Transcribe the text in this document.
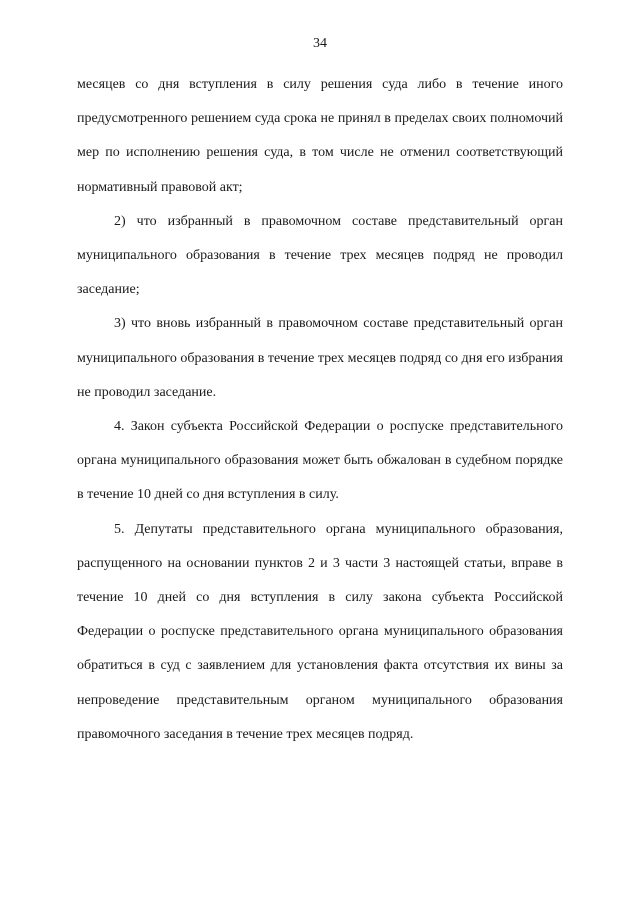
34

месяцев со дня вступления в силу решения суда либо в течение иного предусмотренного решением суда срока не принял в пределах своих полномочий мер по исполнению решения суда, в том числе не отменил соответствующий нормативный правовой акт;

2) что избранный в правомочном составе представительный орган муниципального образования в течение трех месяцев подряд не проводил заседание;

3) что вновь избранный в правомочном составе представительный орган муниципального образования в течение трех месяцев подряд со дня его избрания не проводил заседание.

4. Закон субъекта Российской Федерации о роспуске представительного органа муниципального образования может быть обжалован в судебном порядке в течение 10 дней со дня вступления в силу.

5. Депутаты представительного органа муниципального образования, распущенного на основании пунктов 2 и 3 части 3 настоящей статьи, вправе в течение 10 дней со дня вступления в силу закона субъекта Российской Федерации о роспуске представительного органа муниципального образования обратиться в суд с заявлением для установления факта отсутствия их вины за непроведение представительным органом муниципального образования правомочного заседания в течение трех месяцев подряд.
